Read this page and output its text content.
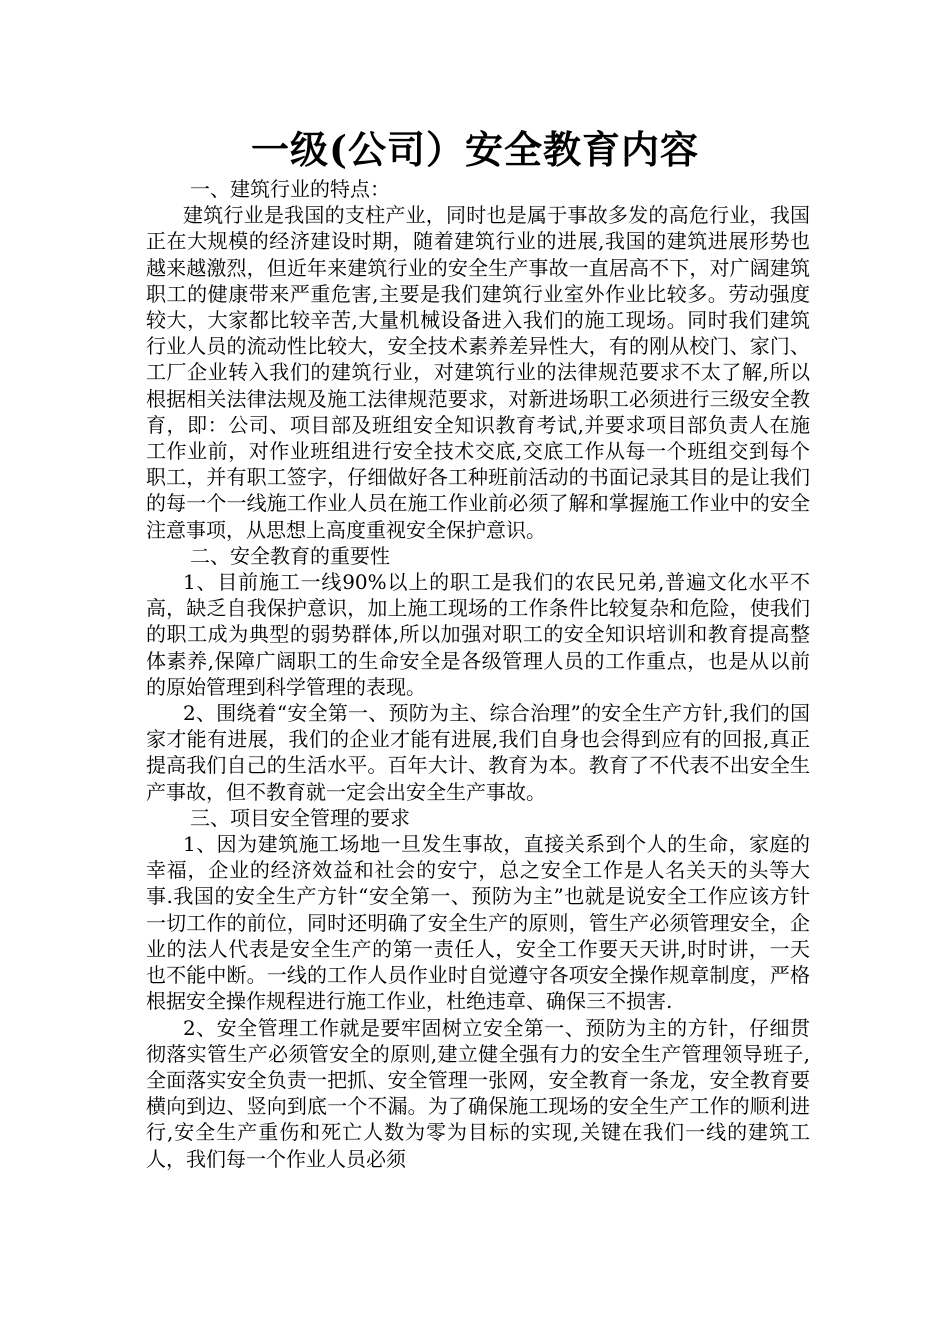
一级(公司）安全教育内容

一、建筑行业的特点：

建筑行业是我国的支柱产业，同时也是属于事故多发的高危行业，我国正在大规模的经济建设时期，随着建筑行业的进展,我国的建筑进展形势也越来越激烈，但近年来建筑行业的安全生产事故一直居高不下，对广阔建筑职工的健康带来严重危害,主要是我们建筑行业室外作业比较多。劳动强度较大，大家都比较辛苦,大量机械设备进入我们的施工现场。同时我们建筑行业人员的流动性比较大，安全技术素养差异性大，有的刚从校门、家门、工厂企业转入我们的建筑行业，对建筑行业的法律规范要求不太了解,所以根据相关法律法规及施工法律规范要求，对新进场职工必须进行三级安全教育，即：公司、项目部及班组安全知识教育考试,并要求项目部负责人在施工作业前，对作业班组进行安全技术交底,交底工作从每一个班组交到每个职工，并有职工签字，仔细做好各工种班前活动的书面记录其目的是让我们的每一个一线施工作业人员在施工作业前必须了解和掌握施工作业中的安全注意事项，从思想上高度重视安全保护意识。

二、安全教育的重要性

1、目前施工一线90%以上的职工是我们的农民兄弟,普遍文化水平不高，缺乏自我保护意识，加上施工现场的工作条件比较复杂和危险，使我们的职工成为典型的弱势群体,所以加强对职工的安全知识培训和教育提高整体素养,保障广阔职工的生命安全是各级管理人员的工作重点，也是从以前的原始管理到科学管理的表现。

2、围绕着“安全第一、预防为主、综合治理”的安全生产方针,我们的国家才能有进展，我们的企业才能有进展,我们自身也会得到应有的回报,真正提高我们自己的生活水平。百年大计、教育为本。教育了不代表不出安全生产事故，但不教育就一定会出安全生产事故。

三、项目安全管理的要求

1、因为建筑施工场地一旦发生事故，直接关系到个人的生命，家庭的幸福，企业的经济效益和社会的安宁，总之安全工作是人名关天的头等大事.我国的安全生产方针“安全第一、预防为主”也就是说安全工作应该方针一切工作的前位，同时还明确了安全生产的原则，管生产必须管理安全，企业的法人代表是安全生产的第一责任人，安全工作要天天讲,时时讲，一天也不能中断。一线的工作人员作业时自觉遵守各项安全操作规章制度，严格根据安全操作规程进行施工作业，杜绝违章、确保三不损害.

2、安全管理工作就是要牢固树立安全第一、预防为主的方针，仔细贯彻落实管生产必须管安全的原则,建立健全强有力的安全生产管理领导班子,全面落实安全负责一把抓、安全管理一张网，安全教育一条龙，安全教育要横向到边、竖向到底一个不漏。为了确保施工现场的安全生产工作的顺利进行,安全生产重伤和死亡人数为零为目标的实现,关键在我们一线的建筑工人，我们每一个作业人员必须
